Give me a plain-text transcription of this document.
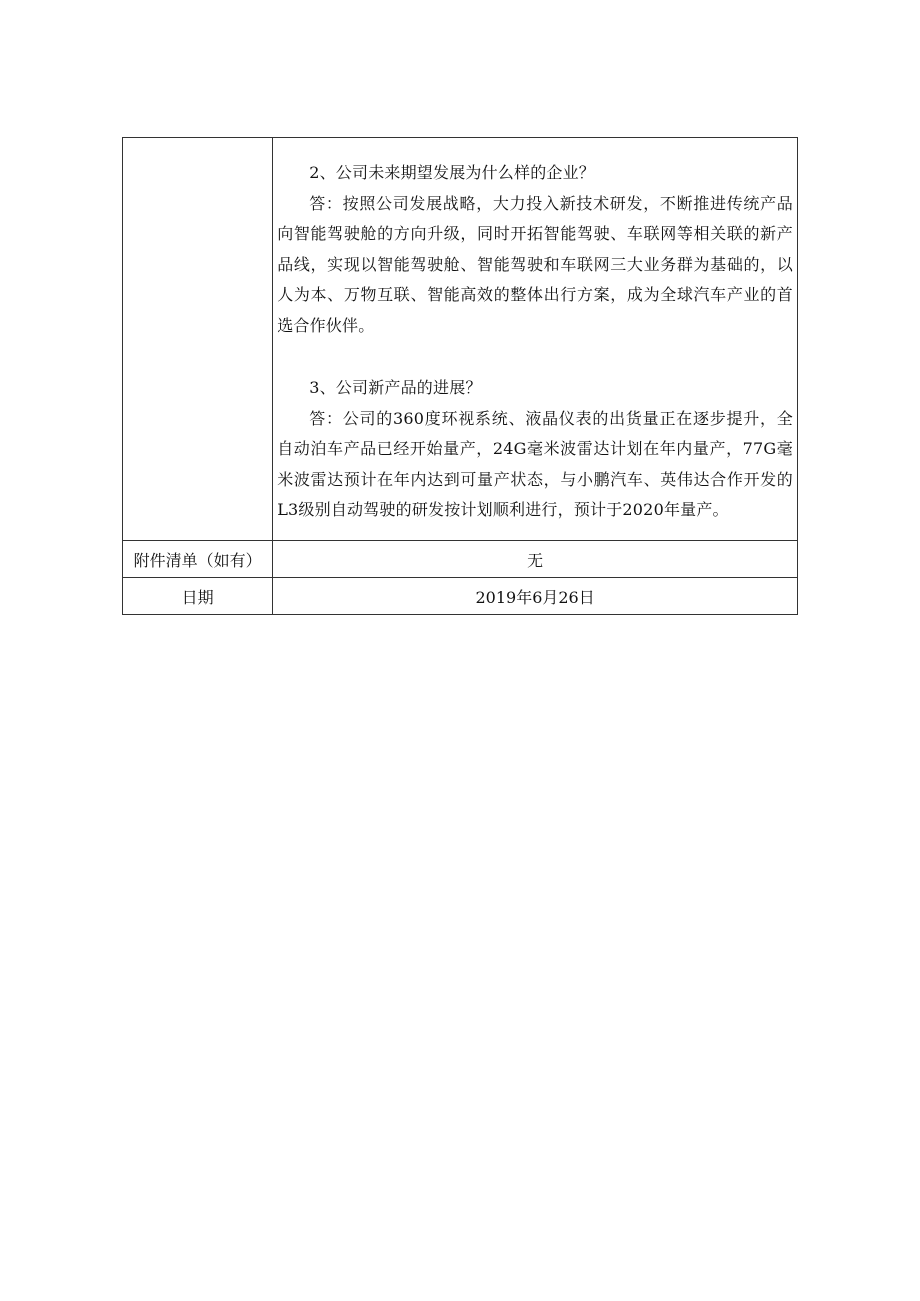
	2、公司未来期望发展为什么样的企业？

答：按照公司发展战略，大力投入新技术研发，不断推进传统产品向智能驾驶舱的方向升级，同时开拓智能驾驶、车联网等相关联的新产品线，实现以智能驾驶舱、智能驾驶和车联网三大业务群为基础的，以人为本、万物互联、智能高效的整体出行方案，成为全球汽车产业的首选合作伙伴。

3、公司新产品的进展？

答：公司的360度环视系统、液晶仪表的出货量正在逐步提升，全自动泊车产品已经开始量产，24G毫米波雷达计划在年内量产，77G毫米波雷达预计在年内达到可量产状态，与小鹏汽车、英伟达合作开发的L3级别自动驾驶的研发按计划顺利进行，预计于2020年量产。

附件清单（如有）	无
日期	2019年6月26日
